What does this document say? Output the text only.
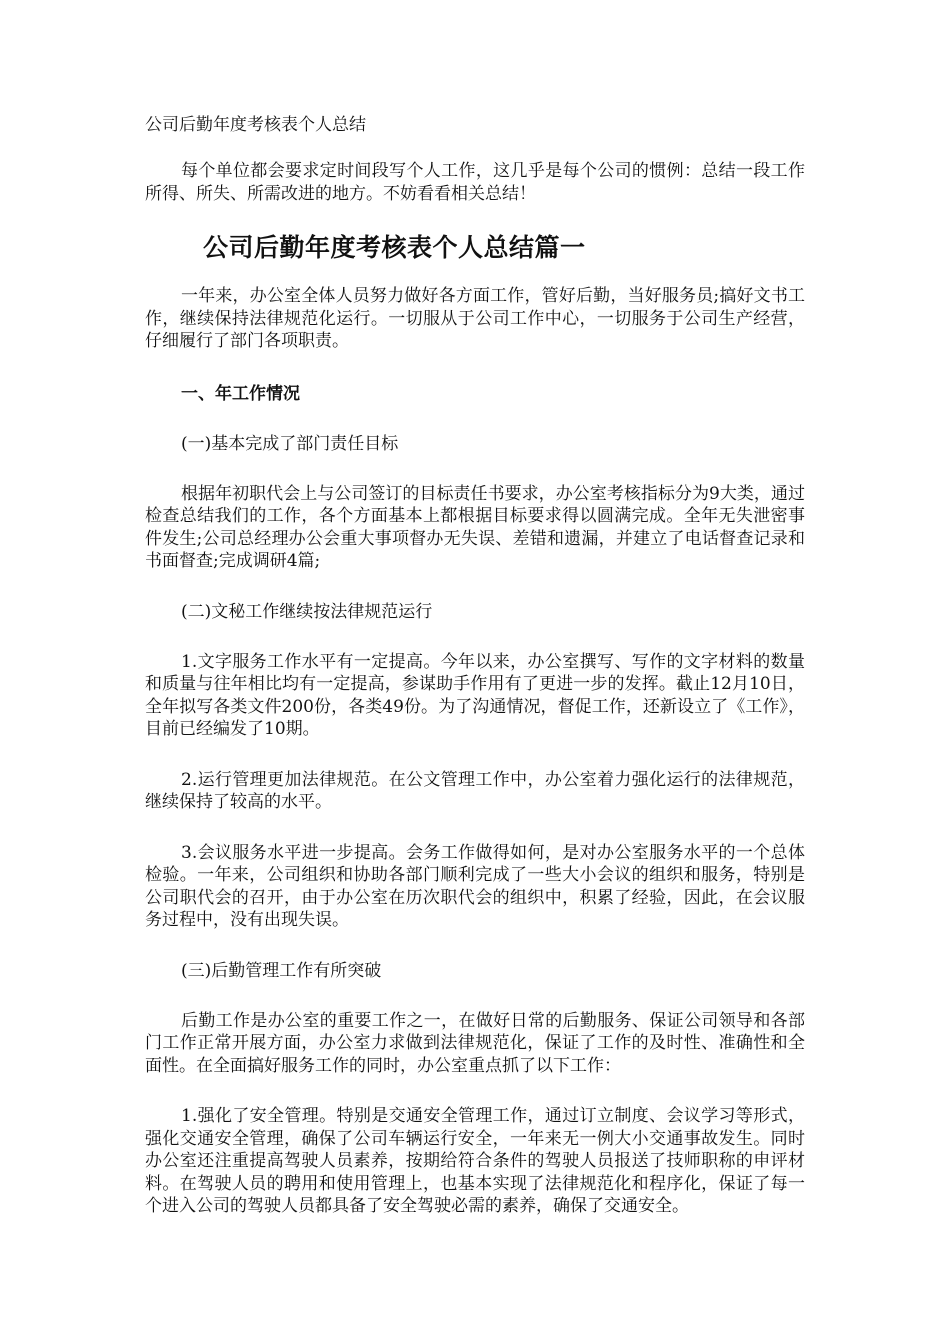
公司后勤年度考核表个人总结

每个单位都会要求定时间段写个人工作，这几乎是每个公司的惯例：总结一段工作所得、所失、所需改进的地方。不妨看看相关总结！

公司后勤年度考核表个人总结篇一

一年来，办公室全体人员努力做好各方面工作，管好后勤，当好服务员;搞好文书工作，继续保持法律规范化运行。一切服从于公司工作中心，一切服务于公司生产经营，仔细履行了部门各项职责。

一、年工作情况

(一)基本完成了部门责任目标

根据年初职代会上与公司签订的目标责任书要求，办公室考核指标分为9大类，通过检查总结我们的工作，各个方面基本上都根据目标要求得以圆满完成。全年无失泄密事件发生;公司总经理办公会重大事项督办无失误、差错和遗漏，并建立了电话督查记录和书面督查;完成调研4篇;

(二)文秘工作继续按法律规范运行

1.文字服务工作水平有一定提高。今年以来，办公室撰写、写作的文字材料的数量和质量与往年相比均有一定提高，参谋助手作用有了更进一步的发挥。截止12月10日，全年拟写各类文件200份，各类49份。为了沟通情况，督促工作，还新设立了《工作》，目前已经编发了10期。

2.运行管理更加法律规范。在公文管理工作中，办公室着力强化运行的法律规范，继续保持了较高的水平。

3.会议服务水平进一步提高。会务工作做得如何，是对办公室服务水平的一个总体检验。一年来，公司组织和协助各部门顺利完成了一些大小会议的组织和服务，特别是公司职代会的召开，由于办公室在历次职代会的组织中，积累了经验，因此，在会议服务过程中，没有出现失误。

(三)后勤管理工作有所突破

后勤工作是办公室的重要工作之一，在做好日常的后勤服务、保证公司领导和各部门工作正常开展方面，办公室力求做到法律规范化，保证了工作的及时性、准确性和全面性。在全面搞好服务工作的同时，办公室重点抓了以下工作：

1.强化了安全管理。特别是交通安全管理工作，通过订立制度、会议学习等形式，强化交通安全管理，确保了公司车辆运行安全，一年来无一例大小交通事故发生。同时办公室还注重提高驾驶人员素养，按期给符合条件的驾驶人员报送了技师职称的申评材料。在驾驶人员的聘用和使用管理上，也基本实现了法律规范化和程序化，保证了每一个进入公司的驾驶人员都具备了安全驾驶必需的素养，确保了交通安全。
